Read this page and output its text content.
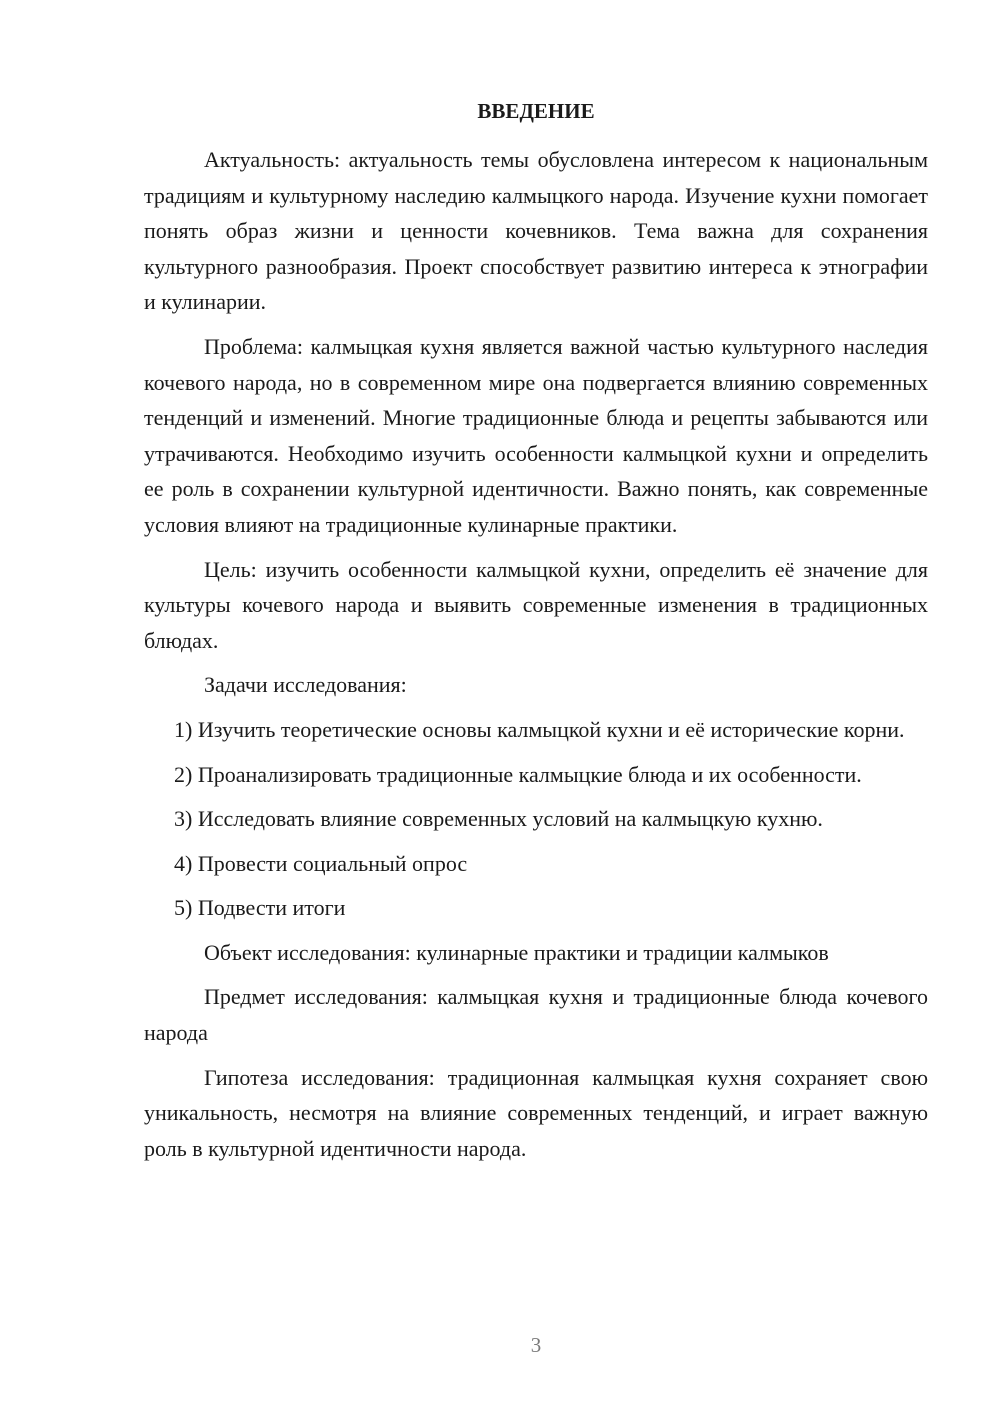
ВВЕДЕНИЕ

Актуальность: актуальность темы обусловлена интересом к национальным традициям и культурному наследию калмыцкого народа. Изучение кухни помогает понять образ жизни и ценности кочевников. Тема важна для сохранения культурного разнообразия. Проект способствует развитию интереса к этнографии и кулинарии.

Проблема: калмыцкая кухня является важной частью культурного наследия кочевого народа, но в современном мире она подвергается влиянию современных тенденций и изменений. Многие традиционные блюда и рецепты забываются или утрачиваются. Необходимо изучить особенности калмыцкой кухни и определить ее роль в сохранении культурной идентичности. Важно понять, как современные условия влияют на традиционные кулинарные практики.

Цель: изучить особенности калмыцкой кухни, определить её значение для культуры кочевого народа и выявить современные изменения в традиционных блюдах.

Задачи исследования:

1) Изучить теоретические основы калмыцкой кухни и её исторические корни.

2) Проанализировать традиционные калмыцкие блюда и их особенности.

3) Исследовать влияние современных условий на калмыцкую кухню.

4) Провести социальный опрос

5) Подвести итоги

Объект исследования: кулинарные практики и традиции калмыков

Предмет исследования: калмыцкая кухня и традиционные блюда кочевого народа

Гипотеза исследования: традиционная калмыцкая кухня сохраняет свою уникальность, несмотря на влияние современных тенденций, и играет важную роль в культурной идентичности народа.

3
